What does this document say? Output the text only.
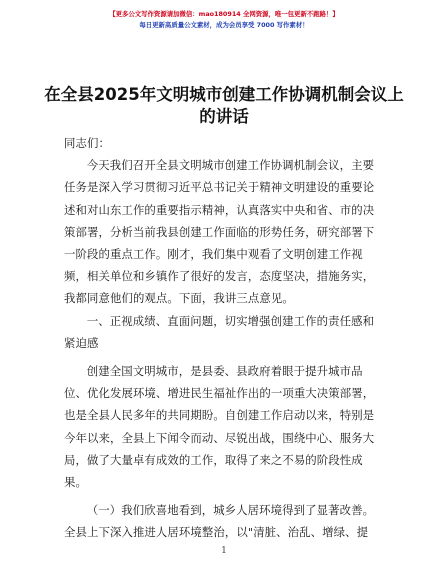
【更多公文写作资源请加微信：mao180914 全网资源，唯一包更新不跑路！】
每日更新高质量公文素材，成为会员享受 7000 写作素材！
在全县2025年文明城市创建工作协调机制会议上的讲话

同志们：

今天我们召开全县文明城市创建工作协调机制会议，主要任务是深入学习贯彻习近平总书记关于精神文明建设的重要论述和对山东工作的重要指示精神，认真落实中央和省、市的决策部署，分析当前我县创建工作面临的形势任务，研究部署下一阶段的重点工作。刚才，我们集中观看了文明创建工作视频，相关单位和乡镇作了很好的发言，态度坚决，措施务实，我都同意他们的观点。下面，我讲三点意见。

一、正视成绩、直面问题，切实增强创建工作的责任感和紧迫感

创建全国文明城市，是县委、县政府着眼于提升城市品位、优化发展环境、增进民生福祉作出的一项重大决策部署，也是全县人民多年的共同期盼。自创建工作启动以来，特别是今年以来，全县上下闻令而动、尽锐出战，围绕中心、服务大局，做了大量卓有成效的工作，取得了来之不易的阶段性成果。

（一）我们欣喜地看到，城乡人居环境得到了显著改善。全县上下深入推进人居环境整治，以"清脏、治乱、增绿、提

1
